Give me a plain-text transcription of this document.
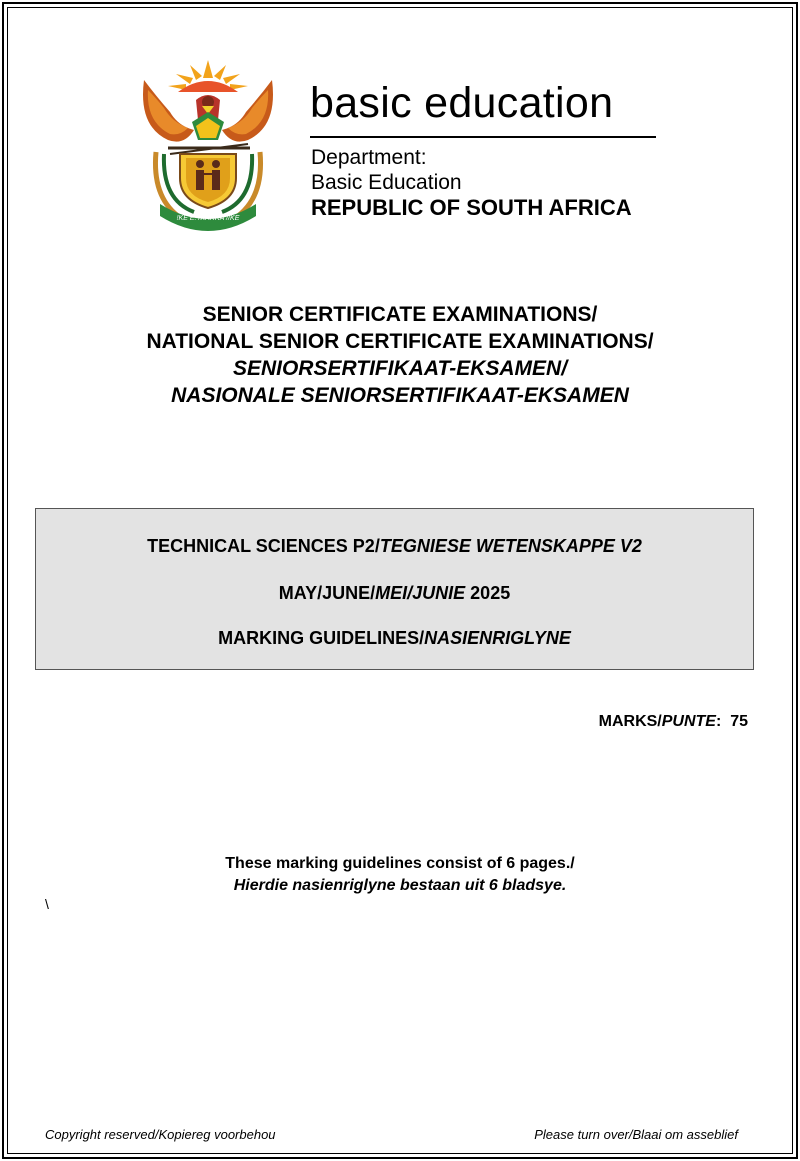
!KE E: /XARRA //KE
basic education
Department:
Basic Education
REPUBLIC OF SOUTH AFRICA
SENIOR CERTIFICATE EXAMINATIONS/
NATIONAL SENIOR CERTIFICATE EXAMINATIONS/
SENIORSERTIFIKAAT-EKSAMEN/
NASIONALE SENIORSERTIFIKAAT-EKSAMEN
TECHNICAL SCIENCES P2/TEGNIESE WETENSKAPPE V2
MAY/JUNE/MEI/JUNIE 2025
MARKING GUIDELINES/NASIENRIGLYNE
MARKS/PUNTE:  75
These marking guidelines consist of 6 pages./
Hierdie nasienriglyne bestaan uit 6 bladsye.
\
Copyright reserved/Kopiereg voorbehou	Please turn over/Blaai om asseblief
